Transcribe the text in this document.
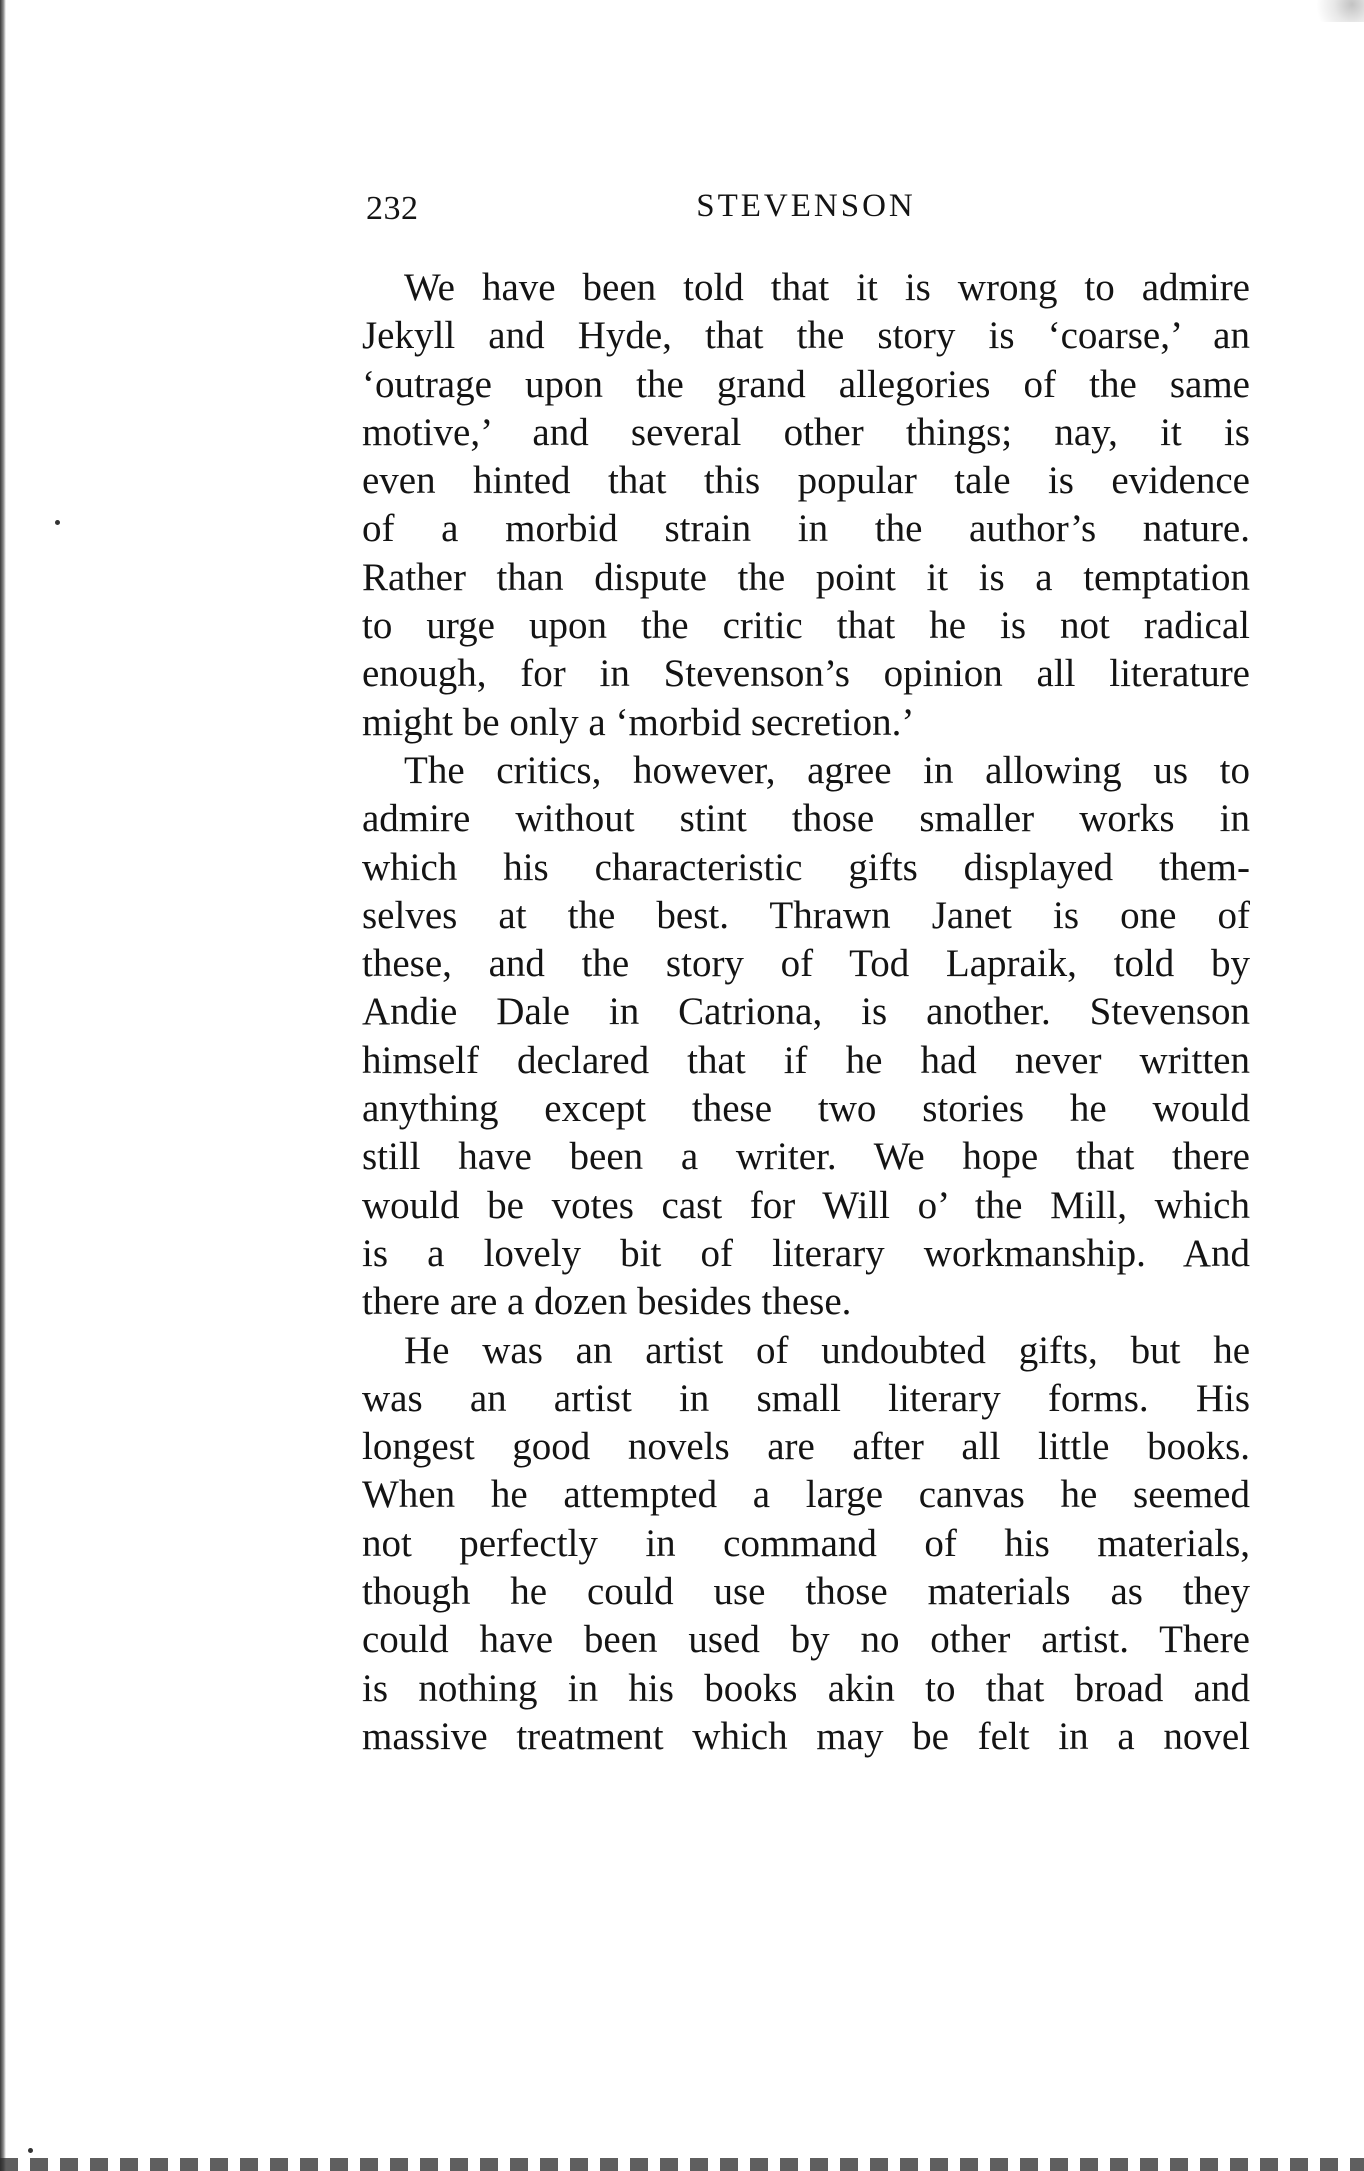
232	STEVENSON
We have been told that it is wrong to admire
Jekyll and Hyde, that the story is ‘coarse,’ an
‘outrage upon the grand allegories of the same
motive,’ and several other things; nay, it is
even hinted that this popular tale is evidence
of a morbid strain in the author’s nature.
Rather than dispute the point it is a temptation
to urge upon the critic that he is not radical
enough, for in Stevenson’s opinion all literature
might be only a ‘morbid secretion.’
The critics, however, agree in allowing us to
admire without stint those smaller works in
which his characteristic gifts displayed them-
selves at the best. Thrawn Janet is one of
these, and the story of Tod Lapraik, told by
Andie Dale in Catriona, is another. Stevenson
himself declared that if he had never written
anything except these two stories he would
still have been a writer. We hope that there
would be votes cast for Will o’ the Mill, which
is a lovely bit of literary workmanship. And
there are a dozen besides these.
He was an artist of undoubted gifts, but he
was an artist in small literary forms. His
longest good novels are after all little books.
When he attempted a large canvas he seemed
not perfectly in command of his materials,
though he could use those materials as they
could have been used by no other artist. There
is nothing in his books akin to that broad and
massive treatment which may be felt in a novel
